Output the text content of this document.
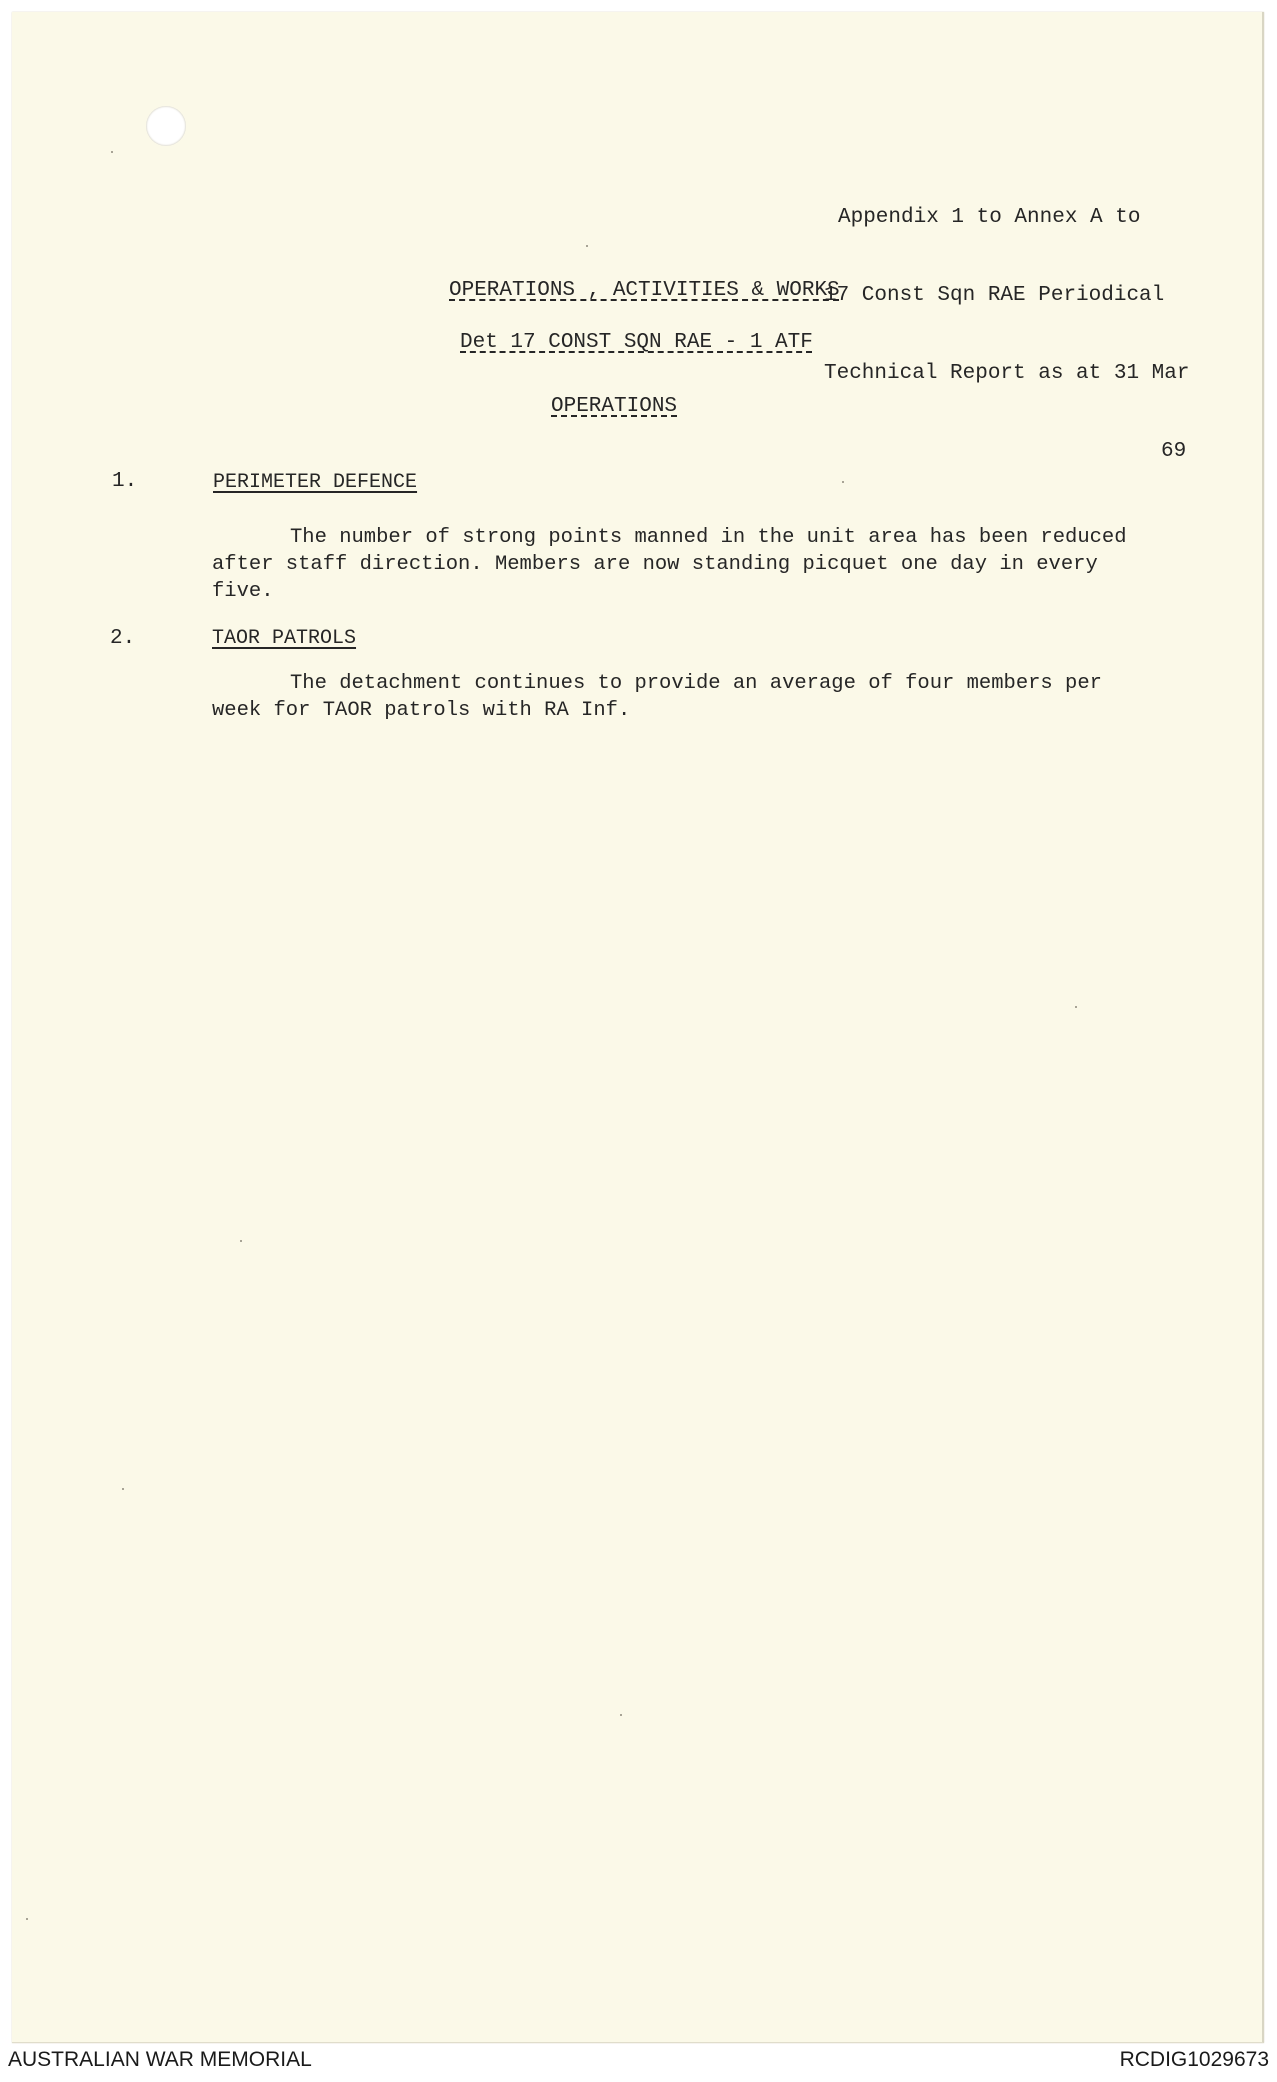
Appendix 1 to Annex A to

17 Const Sqn RAE Periodical

Technical Report as at 31 Mar

69

OPERATIONS , ACTIVITIES & WORKS
Det 17 CONST SQN RAE - 1 ATF
OPERATIONS
1.	PERIMETER DEFENCE
The number of strong points manned in the unit area has been reduced
after staff direction. Members are now standing picquet one day in every
five.
2.	TAOR PATROLS
The detachment continues to provide an average of four members per
week for TAOR patrols with RA Inf.
AUSTRALIAN WAR MEMORIAL	RCDIG1029673
